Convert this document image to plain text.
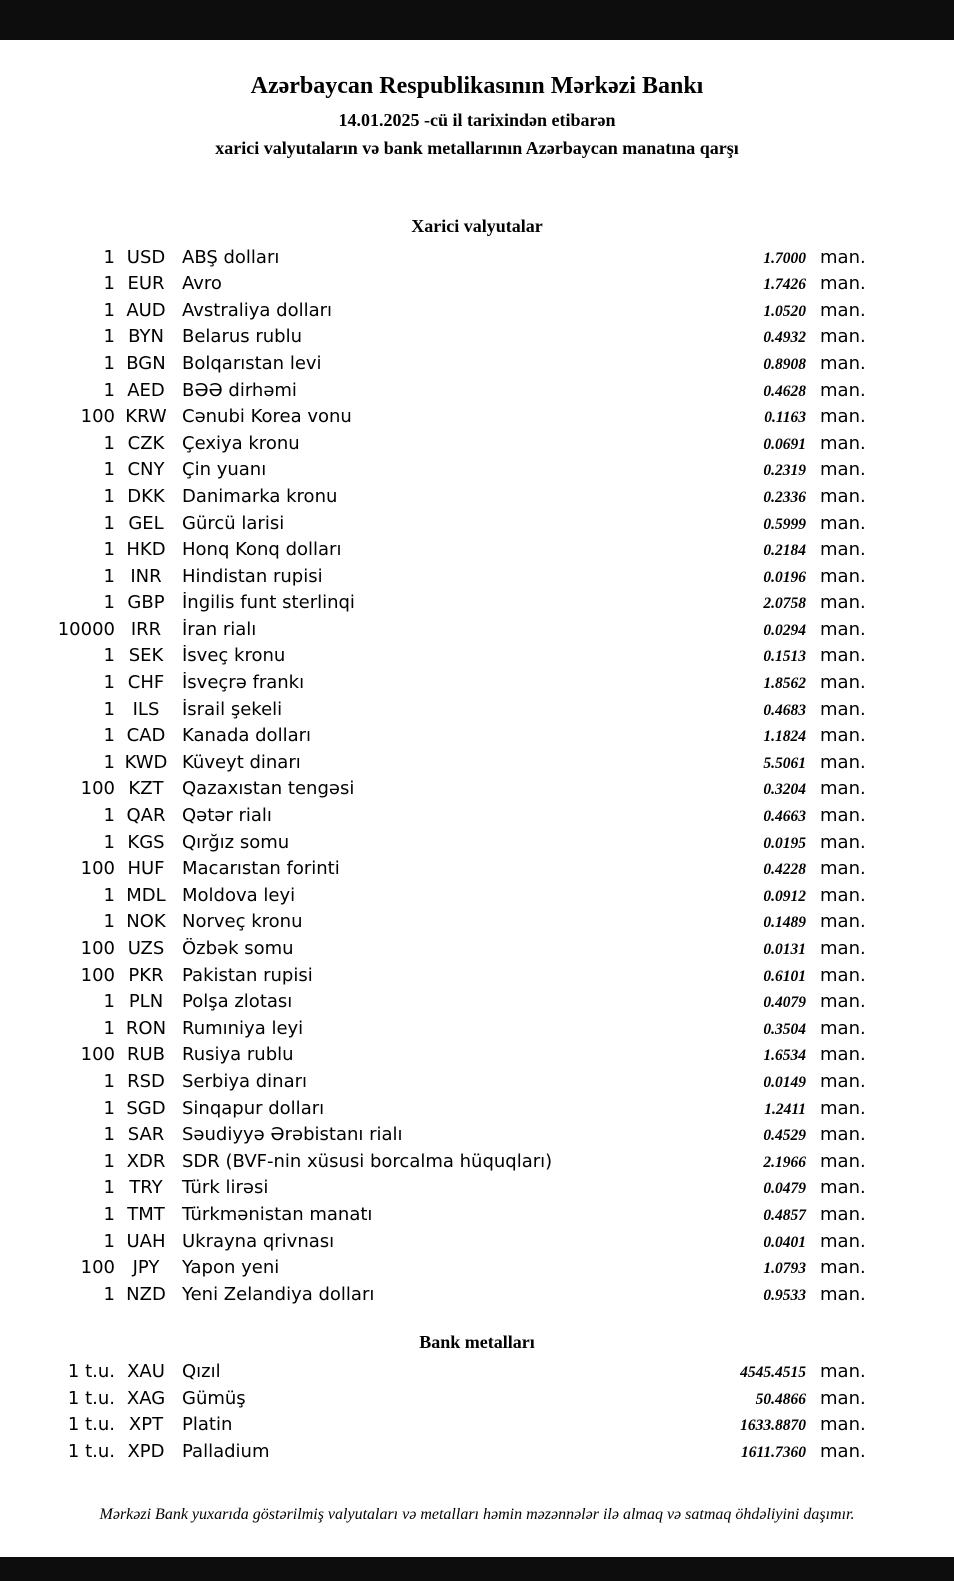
Azərbaycan Respublikasının Mərkəzi Bankı
14.01.2025 -cü il tarixindən etibarən
xarici valyutaların və bank metallarının Azərbaycan manatına qarşı
Xarici valyutalar
1 USD ABŞ dolları	1.7000 man.
1 EUR Avro	1.7426 man.
1 AUD Avstraliya dolları	1.0520 man.
1 BYN	Belarus rublu	0.4932 man.
1 BGN Bolqarıstan levi	0.8908 man.
1 AED BƏƏ dirhəmi	0.4628 man.
100 KRW Cənubi Korea vonu	0.1163 man.
1 CZK Çexiya kronu	0.0691 man.
1 CNY Çin yuanı	0.2319 man.
1 DKK Danimarka kronu	0.2336 man.
1 GEL	Gürcü larisi	0.5999 man.
1 HKD Honq Konq dolları	0.2184 man.
1 INR	Hindistan rupisi	0.0196 man.
1 GBP İngilis funt sterlinqi	2.0758 man.
10000 IRR	İran rialı	0.0294 man.
1 SEK	İsveç kronu	0.1513 man.
1 CHF İsveçrə frankı	1.8562 man.
1 ILS	İsrail şekeli	0.4683 man.
1 CAD Kanada dolları	1.1824 man.
1 KWD Küveyt dinarı	5.5061 man.
100 KZT	Qazaxıstan tengəsi	0.3204 man.
1 QAR Qətər rialı	0.4663 man.
1 KGS Qırğız somu	0.0195 man.
100 HUF Macarıstan forinti	0.4228 man.
1 MDL Moldova leyi	0.0912 man.
1 NOK Norveç kronu	0.1489 man.
100 UZS Özbək somu	0.0131 man.
100 PKR	Pakistan rupisi	0.6101 man.
1 PLN	Polşa zlotası	0.4079 man.
1 RON Rumıniya leyi	0.3504 man.
100 RUB Rusiya rublu	1.6534 man.
1 RSD Serbiya dinarı	0.0149 man.
1 SGD Sinqapur dolları	1.2411 man.
1 SAR Səudiyyə Ərəbistanı rialı	0.4529 man.
1 XDR SDR (BVF-nin xüsusi borcalma hüquqları)	2.1966 man.
1 TRY	Türk lirəsi	0.0479 man.
1 TMT Türkmənistan manatı	0.4857 man.
1 UAH Ukrayna qrivnası	0.0401 man.
100 JPY	Yapon yeni	1.0793 man.
1 NZD Yeni Zelandiya dolları	0.9533 man.
Bank metalları
1 t.u. XAU Qızıl	4545.4515 man.
1 t.u. XAG Gümüş	50.4866 man.
1 t.u. XPT	Platin	1633.8870 man.
1 t.u. XPD Palladium	1611.7360 man.
Mərkəzi Bank yuxarıda göstərilmiş valyutaları və metalları həmin məzənnələr ilə almaq və satmaq öhdəliyini daşımır.
